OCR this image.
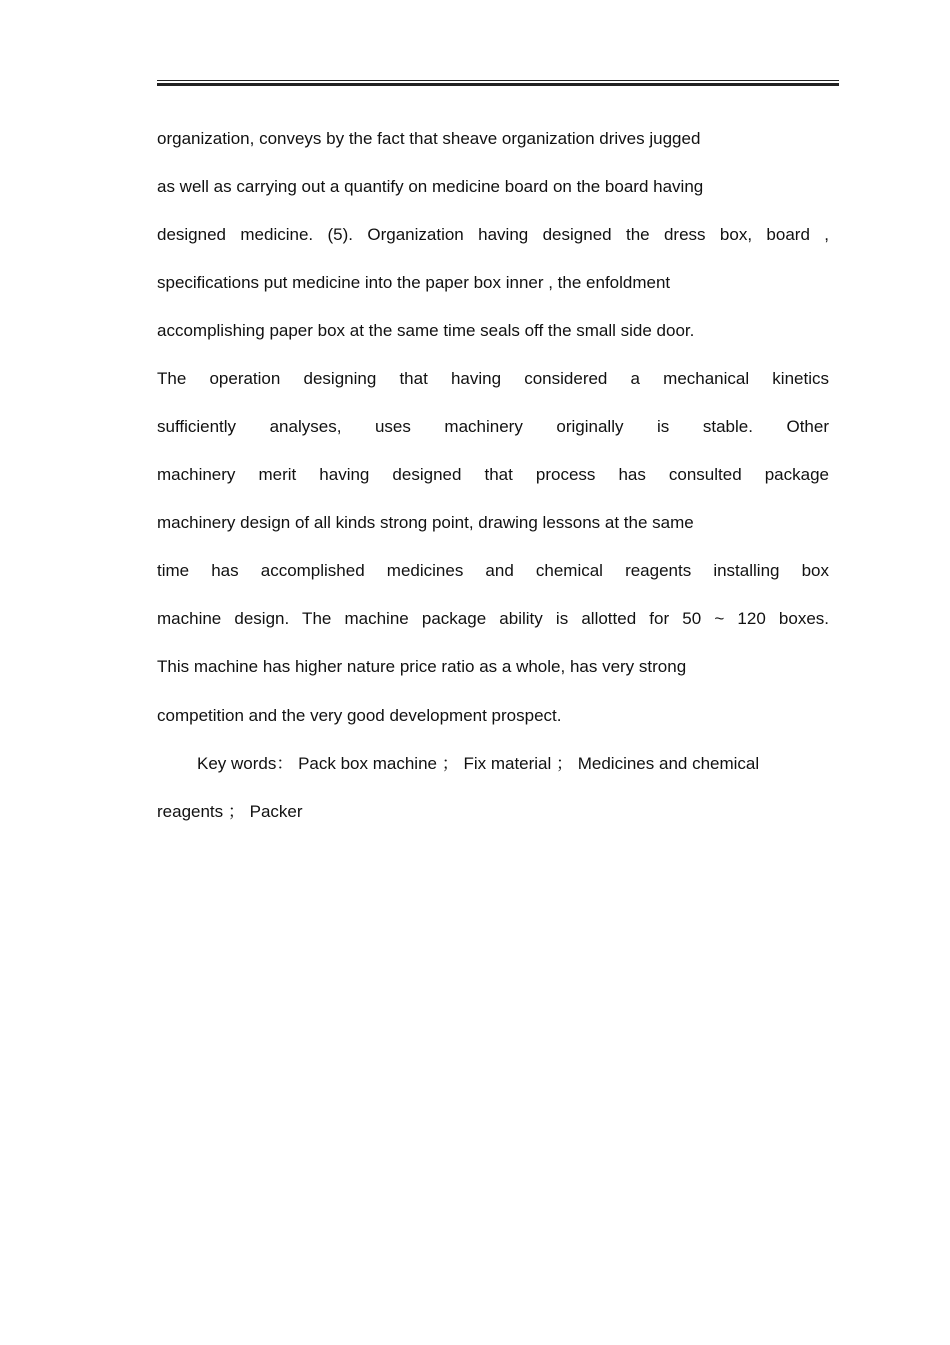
organization, conveys by the fact that sheave organization drives jugged
as well as carrying out a quantify on medicine board on the board having
designed medicine. (5). Organization having designed the dress box, board ,
specifications put medicine into the paper box inner , the enfoldment
accomplishing paper box at the same time seals off the small side door.
The operation designing that having considered a mechanical kinetics
sufficiently analyses, uses machinery originally is stable. Other
machinery merit having designed that process has consulted package
machinery design of all kinds strong point, drawing lessons at the same
time has accomplished medicines and chemical reagents installing box
machine design. The machine package ability is allotted for 50 ~ 120 boxes.
This machine has higher nature price ratio as a whole, has very strong
competition and the very good development prospect.
Key words： Pack box machine ； Fix material ； Medicines and chemical
reagents ； Packer
